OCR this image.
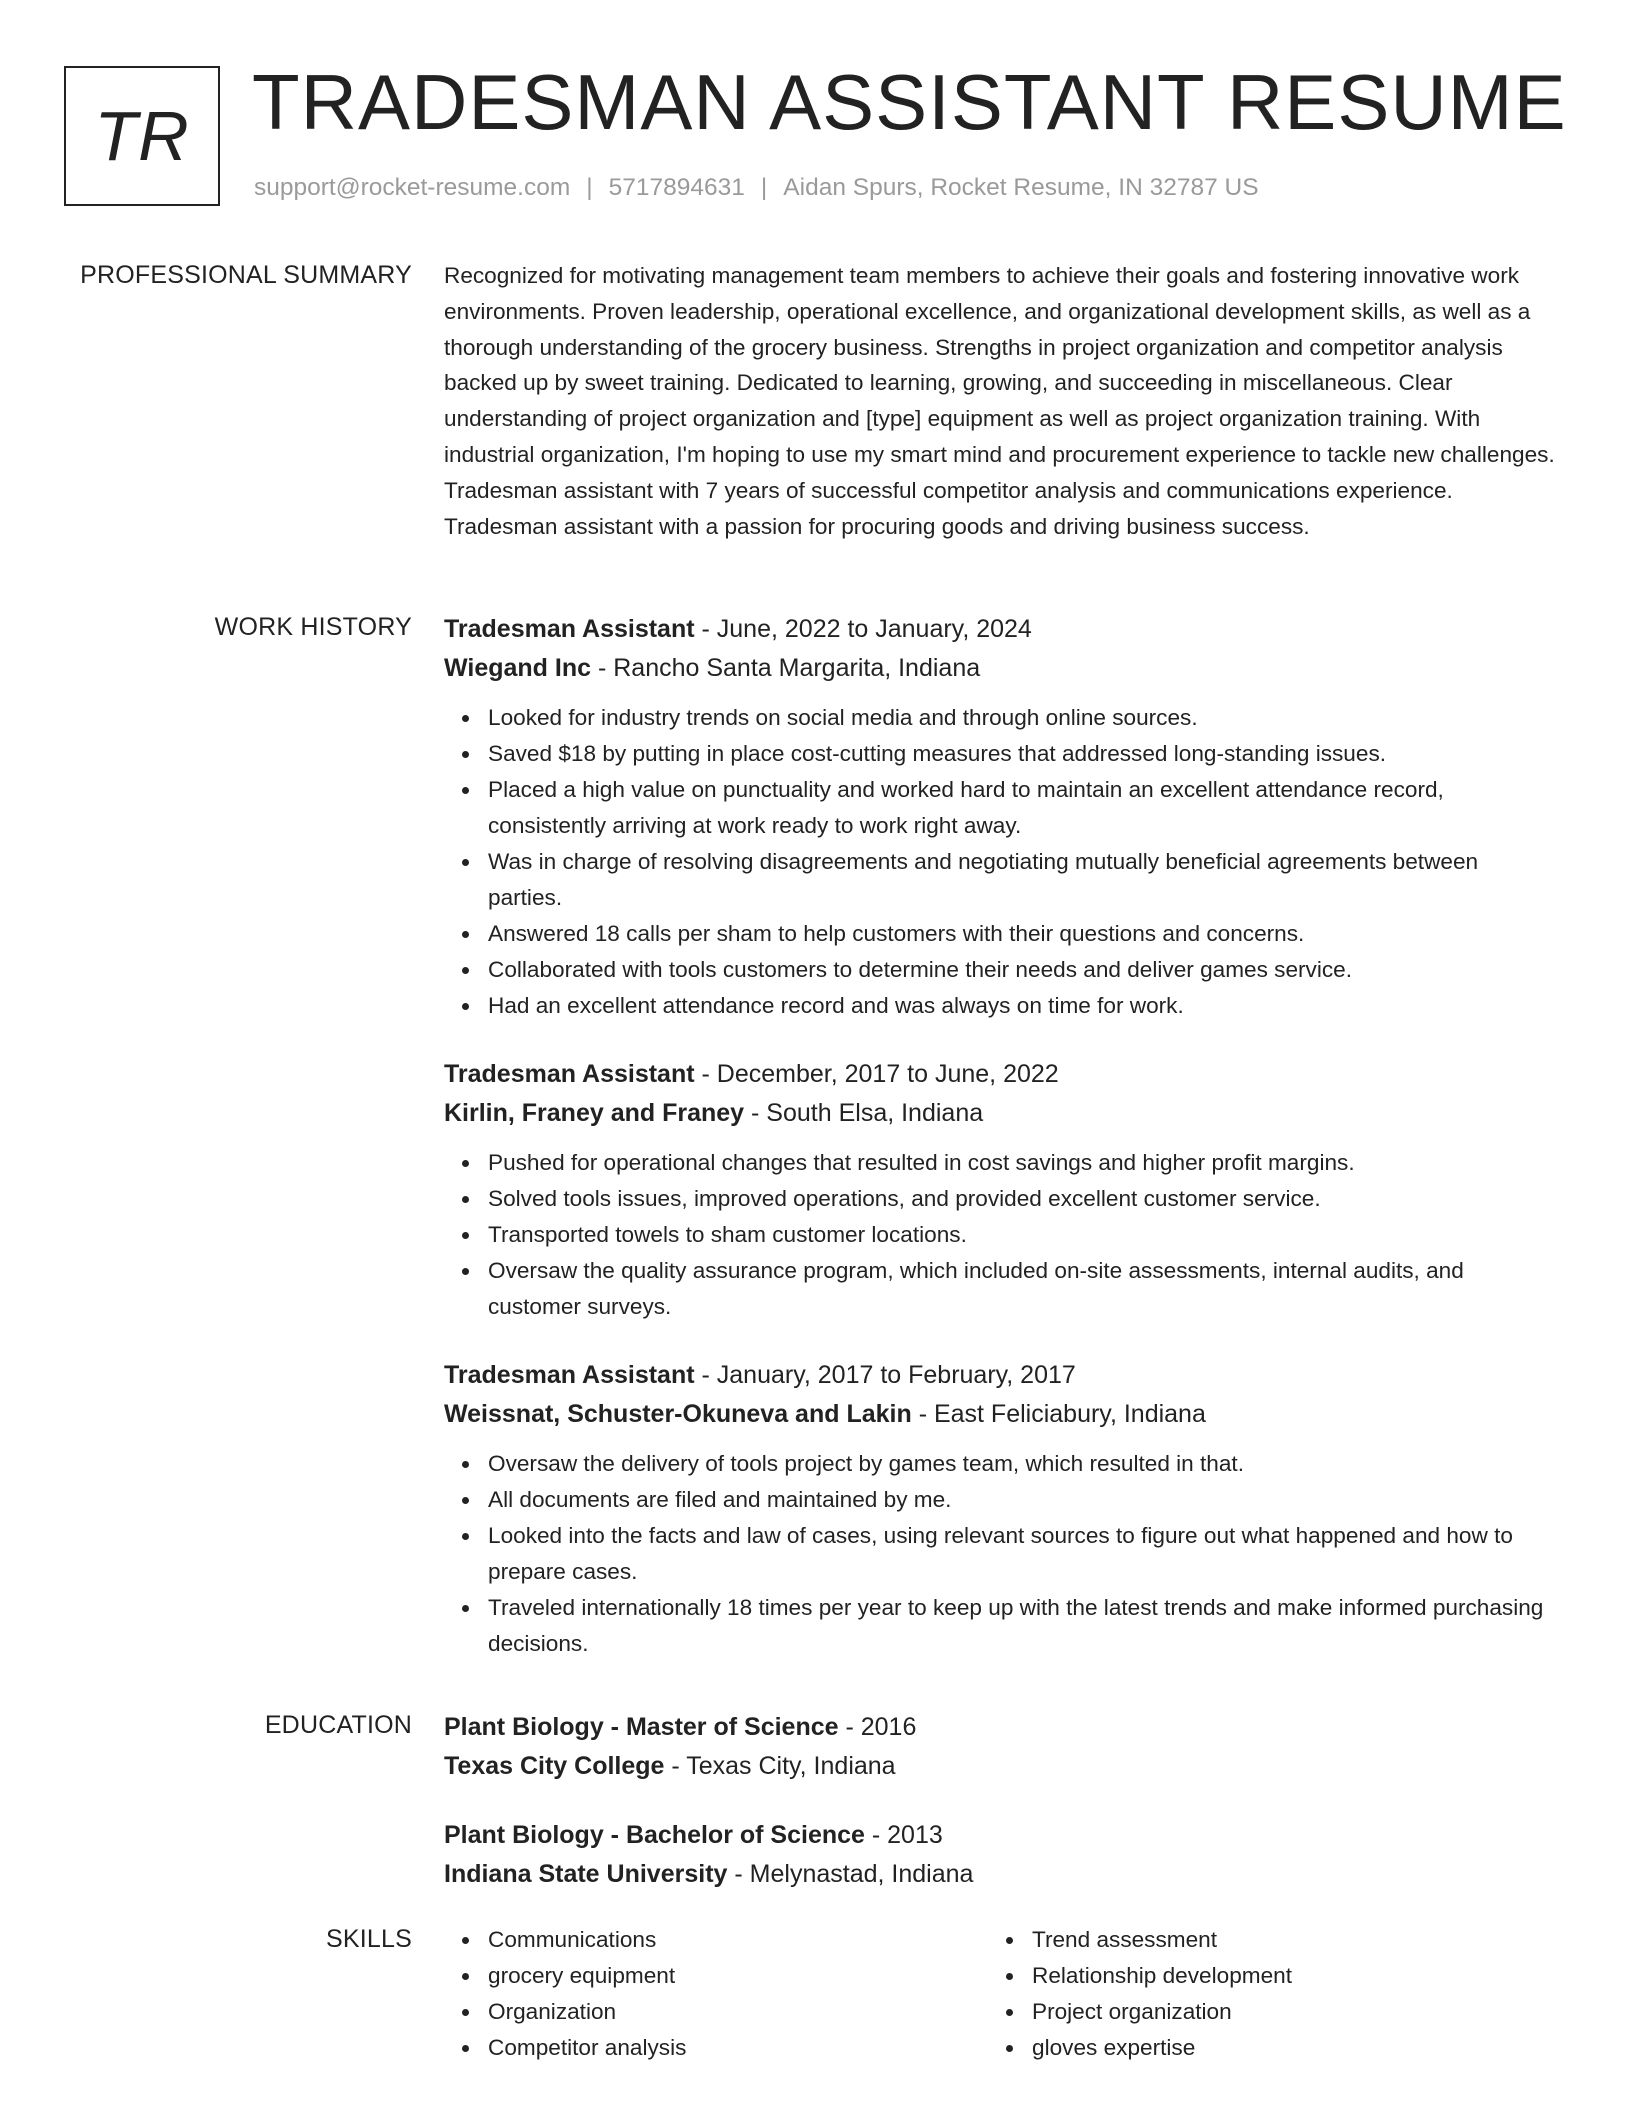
TR TRADESMAN ASSISTANT RESUME
support@rocket-resume.com | 5717894631 | Aidan Spurs, Rocket Resume, IN 32787 US
PROFESSIONAL SUMMARY Recognized for motivating management team members to achieve their goals and fostering innovative work environments. Proven leadership, operational excellence, and organizational development skills, as well as a thorough understanding of the grocery business. Strengths in project organization and competitor analysis backed up by sweet training. Dedicated to learning, growing, and succeeding in miscellaneous. Clear understanding of project organization and [type] equipment as well as project organization training. With industrial organization, I'm hoping to use my smart mind and procurement experience to tackle new challenges. Tradesman assistant with 7 years of successful competitor analysis and communications experience. Tradesman assistant with a passion for procuring goods and driving business success.

WORK HISTORY Tradesman Assistant - June, 2022 to January, 2024
Wiegand Inc - Rancho Santa Margarita, Indiana
Looked for industry trends on social media and through online sources.
Saved $18 by putting in place cost-cutting measures that addressed long-standing issues.
Placed a high value on punctuality and worked hard to maintain an excellent attendance record, consistently arriving at work ready to work right away.
Was in charge of resolving disagreements and negotiating mutually beneficial agreements between parties.
Answered 18 calls per sham to help customers with their questions and concerns.
Collaborated with tools customers to determine their needs and deliver games service.
Had an excellent attendance record and was always on time for work.
Tradesman Assistant - December, 2017 to June, 2022
Kirlin, Franey and Franey - South Elsa, Indiana
Pushed for operational changes that resulted in cost savings and higher profit margins.
Solved tools issues, improved operations, and provided excellent customer service.
Transported towels to sham customer locations.
Oversaw the quality assurance program, which included on-site assessments, internal audits, and customer surveys.
Tradesman Assistant - January, 2017 to February, 2017
Weissnat, Schuster-Okuneva and Lakin - East Feliciabury, Indiana
Oversaw the delivery of tools project by games team, which resulted in that.
All documents are filed and maintained by me.
Looked into the facts and law of cases, using relevant sources to figure out what happened and how to prepare cases.
Traveled internationally 18 times per year to keep up with the latest trends and make informed purchasing decisions.
EDUCATION Plant Biology - Master of Science - 2016
Texas City College - Texas City, Indiana
Plant Biology - Bachelor of Science - 2013
Indiana State University - Melynastad, Indiana
SKILLS	Communications
grocery equipment
Organization
Competitor analysis
Trend assessment
Relationship development
Project organization
gloves expertise
